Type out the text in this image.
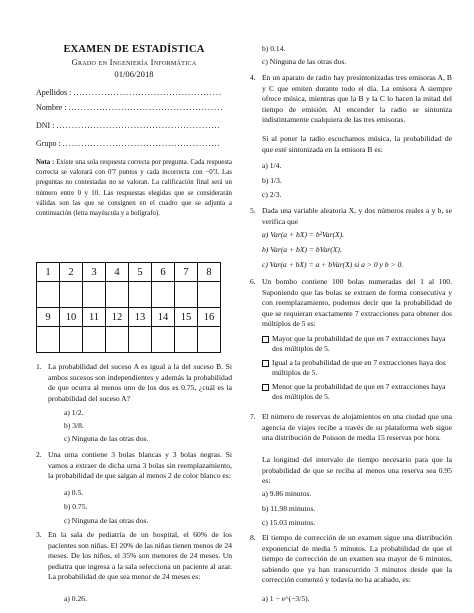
EXAMEN DE ESTADÍSTICA
Grado en Ingeniería Informática
01/06/2018
Apellidos : ................................................
Nombre : ..................................................
DNI : .....................................................
Grupo : ...................................................
Nota : Existe una sola respuesta correcta por pregunta. Cada respuesta correcta se valorará con 0'7 puntos y cada incorrecta con −0'3. Las preguntas no contestadas no se valoran. La calificación final será un número entre 0 y 10. Las respuestas elegidas que se considerarán válidas son las que se consignen en el cuadro que se adjunta a continuación (letra mayúscula y a bolígrafo).
1	2	3	4	5	6	7	8

9	10	11	12	13	14	15	16

1. La probabilidad del suceso A es igual a la del suceso B. Si ambos sucesos son independientes y además la probabilidad de que ocurra al menos uno de los dos es 0.75, ¿cuál es la probabilidad del suceso A?
a) 1/2.
b) 3/8.
c) Ninguna de las otras dos.
2. Una urna contiene 3 bolas blancas y 3 bolas negras. Si vamos a extraer de dicha urna 3 bolas sin reemplazamiento, la probabilidad de que salgan al menos 2 de color blanco es:
a) 0.5.
b) 0.75.
c) Ninguna de las otras dos.
3. En la sala de pediatría de un hospital, el 60% de los pacientes son niñas. El 20% de las niñas tienen menos de 24 meses. De los niños, el 35% son menores de 24 meses. Un pediatra que ingresa a la sala selecciona un paciente al azar. La probabilidad de que sea menor de 24 meses es:
a) 0.26.
b) 0.14.
c) Ninguna de las otras dos.
4. En un aparato de radio hay presintonizadas tres emisoras A, B y C que emiten durante todo el día. La emisora A siempre ofrece música, mientras que la B y la C lo hacen la mitad del tiempo de emisión. Al encender la radio se sintoniza indistintamente cualquiera de las tres emisoras.
Si al poner la radio escuchamos música, la probabilidad de que esté sintonizada en la emisora B es:
a) 1/4.
b) 1/3.
c) 2/3.
5. Dada una variable aleatoria X, y dos números reales a y b, se verifica que
a) Var(a + bX) = b²Var(X).
b) Var(a + bX) = bVar(X).
c) Var(a + bX) = a + bVar(X) si a > 0 y b > 0.
6. Un bombo contiene 100 bolas numeradas del 1 al 100. Suponiendo que las bolas se extraen de forma consecutiva y con reemplazamiento, podemos decir que la probabilidad de que se requieran exactamente 7 extracciones para obtener dos múltiplos de 5 es:
Mayor que la probabilidad de que en 7 extracciones haya dos múltiplos de 5.
Igual a la probabilidad de que en 7 extracciones haya dos múltiplos de 5.
Menor que la probabilidad de que en 7 extracciones haya dos múltiplos de 5.
7. El número de reservas de alojamientos en una ciudad que una agencia de viajes recibe a través de su plataforma web sigue una distribución de Poisson de media 15 reservas por hora.
La longitud del intervalo de tiempo necesario para que la probabilidad de que se reciba al menos una reserva sea 0.95 es:
a) 9.86 minutos.
b) 11.98 minutos.
c) 15.03 minutos.
8. El tiempo de corrección de un examen sigue una distribución exponencial de media 5 minutos. La probabilidad de que el tiempo de corrección de un examen sea mayor de 6 minutos, sabiendo que ya han transcurrido 3 minutos desde que la corrección comenzó y todavía no ha acabado, es:
a) 1 − e^(−3/5).
